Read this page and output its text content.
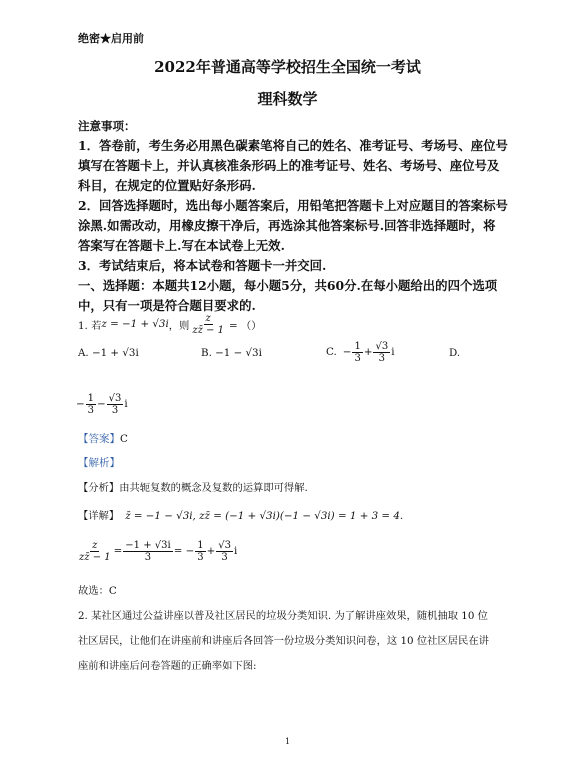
绝密★启用前
2022年普通高等学校招生全国统一考试
理科数学
注意事项：
1．答卷前，考生务必用黑色碳素笔将自己的姓名、准考证号、考场号、座位号
填写在答题卡上，并认真核准条形码上的准考证号、姓名、考场号、座位号及
科目，在规定的位置贴好条形码.
2．回答选择题时，选出每小题答案后，用铅笔把答题卡上对应题目的答案标号
涂黑.如需改动，用橡皮擦干净后，再选涂其他答案标号.回答非选择题时，将
答案写在答题卡上.写在本试卷上无效.
3．考试结束后，将本试卷和答题卡一并交回.
一、选择题：本题共12小题，每小题5分，共60分.在每小题给出的四个选项
中，只有一项是符合题目要求的.
1. 若 z = −1 + √3i ，则 $\frac{z}{zz̄ - 1}$ = （）
A. −1 + √3i	B. −1 − √3i	C. − $\frac{1}{3} + \frac{√3}{3}$ i	D.
− $\frac{1}{3} - \frac{√3}{3}$ i
【答案】C
【解析】
【分析】由共轭复数的概念及复数的运算即可得解.
【详解】 z̄ = −1 − √3i, zz̄ = (−1 + √3i)(−1 − √3i) = 1 + 3 = 4.
$\frac{z}{zz̄ - 1} = \frac{-1 + √3i}{3}$ = − $\frac{1}{3} + \frac{√3}{3}$ i
故选：C
2. 某社区通过公益讲座以普及社区居民的垃圾分类知识. 为了解讲座效果，随机抽取 10 位
社区居民，让他们在讲座前和讲座后各回答一份垃圾分类知识问卷，这 10 位社区居民在讲
座前和讲座后问卷答题的正确率如下图:
1
